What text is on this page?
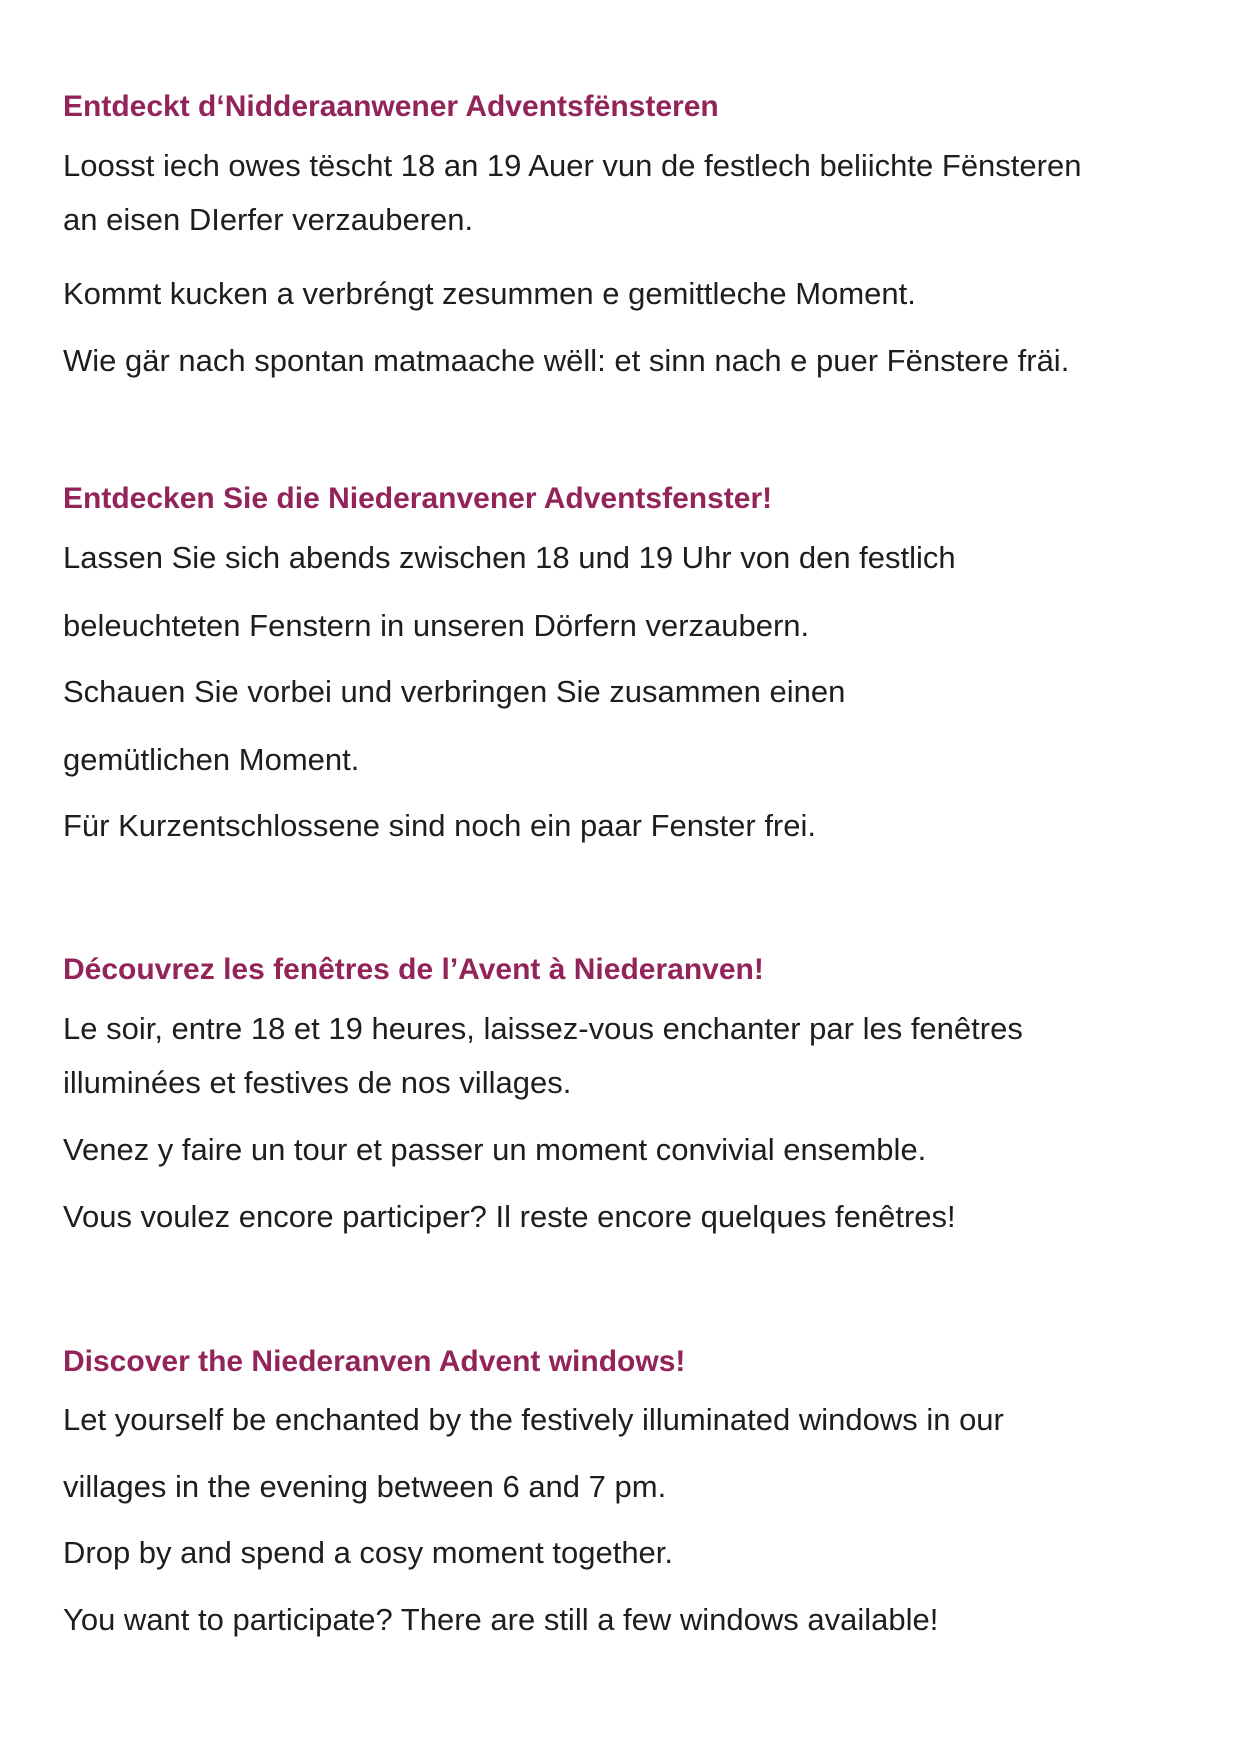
Entdeckt d‘Nidderaanwener Adventsfënsteren

Loosst iech owes tëscht 18 an 19 Auer vun de festlech beliichte Fënsteren

an eisen DIerfer verzauberen.

Kommt kucken a verbréngt zesummen e gemittleche Moment.

Wie gär nach spontan matmaache wëll: et sinn nach e puer Fënstere fräi.

Entdecken Sie die Niederanvener Adventsfenster!

Lassen Sie sich abends zwischen 18 und 19 Uhr von den festlich

beleuchteten Fenstern in unseren Dörfern verzaubern.

Schauen Sie vorbei und verbringen Sie zusammen einen

gemütlichen Moment.

Für Kurzentschlossene sind noch ein paar Fenster frei.

Découvrez les fenêtres de l’Avent à Niederanven!

Le soir, entre 18 et 19 heures, laissez-vous enchanter par les fenêtres

illuminées et festives de nos villages.

Venez y faire un tour et passer un moment convivial ensemble.

Vous voulez encore participer? Il reste encore quelques fenêtres!

Discover the Niederanven Advent windows!

Let yourself be enchanted by the festively illuminated windows in our

villages in the evening between 6 and 7 pm.

Drop by and spend a cosy moment together.

You want to participate? There are still a few windows available!
